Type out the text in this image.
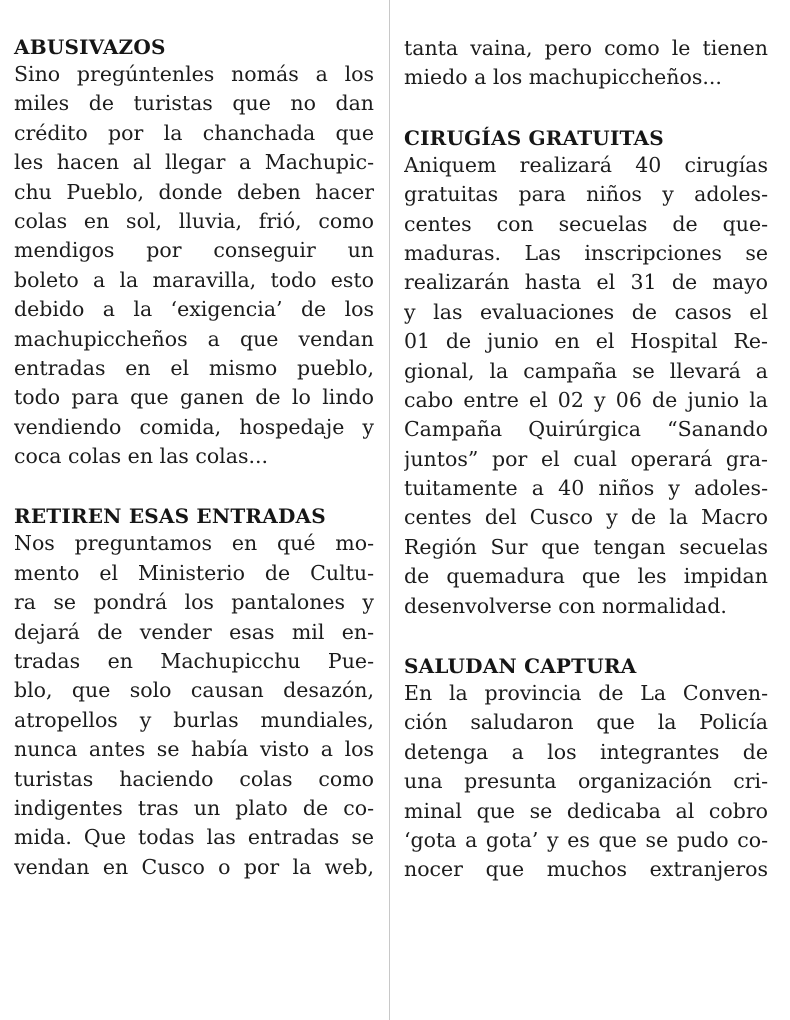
ABUSIVAZOS
Sino pregúntenles nomás a los
miles de turistas que no dan
crédito por la chanchada que
les hacen al llegar a Machupic-
chu Pueblo, donde deben hacer
colas en sol, lluvia, frió, como
mendigos por conseguir un
boleto a la maravilla, todo esto
debido a la ‘exigencia’ de los
machupiccheños a que vendan
entradas en el mismo pueblo,
todo para que ganen de lo lindo
vendiendo comida, hospedaje y
coca colas en las colas...
RETIREN ESAS ENTRADAS
Nos preguntamos en qué mo-
mento el Ministerio de Cultu-
ra se pondrá los pantalones y
dejará de vender esas mil en-
tradas en Machupicchu Pue-
blo, que solo causan desazón,
atropellos y burlas mundiales,
nunca antes se había visto a los
turistas haciendo colas como
indigentes tras un plato de co-
mida. Que todas las entradas se
vendan en Cusco o por la web,
tanta vaina, pero como le tienen
miedo a los machupiccheños...
CIRUGÍAS GRATUITAS
Aniquem realizará 40 cirugías
gratuitas para niños y adoles-
centes con secuelas de que-
maduras. Las inscripciones se
realizarán hasta el 31 de mayo
y las evaluaciones de casos el
01 de junio en el Hospital Re-
gional, la campaña se llevará a
cabo entre el 02 y 06 de junio la
Campaña Quirúrgica “Sanando
juntos” por el cual operará gra-
tuitamente a 40 niños y adoles-
centes del Cusco y de la Macro
Región Sur que tengan secuelas
de quemadura que les impidan
desenvolverse con normalidad.
SALUDAN CAPTURA
En la provincia de La Conven-
ción saludaron que la Policía
detenga a los integrantes de
una presunta organización cri-
minal que se dedicaba al cobro
‘gota a gota’ y es que se pudo co-
nocer que muchos extranjeros
